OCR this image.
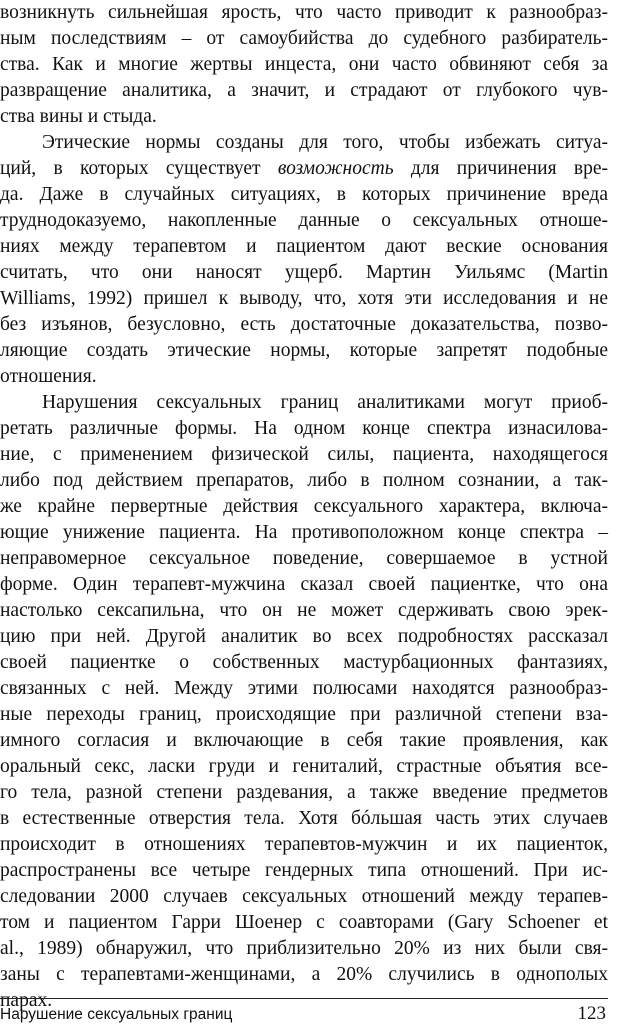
возникнуть сильнейшая ярость, что часто приводит к разнообраз-
ным последствиям – от самоубийства до судебного разбиратель-
ства. Как и многие жертвы инцеста, они часто обвиняют себя за
развращение аналитика, а значит, и страдают от глубокого чув-
ства вины и стыда.
Этические нормы созданы для того, чтобы избежать ситуа-
ций, в которых существует возможность для причинения вре-
да. Даже в случайных ситуациях, в которых причинение вреда
труднодоказуемо, накопленные данные о сексуальных отноше-
ниях между терапевтом и пациентом дают веские основания
считать, что они наносят ущерб. Мартин Уильямс (Martin
Williams, 1992) пришел к выводу, что, хотя эти исследования и не
без изъянов, безусловно, есть достаточные доказательства, позво-
ляющие создать этические нормы, которые запретят подобные
отношения.
Нарушения сексуальных границ аналитиками могут приоб-
ретать различные формы. На одном конце спектра изнасилова-
ние, с применением физической силы, пациента, находящегося
либо под действием препаратов, либо в полном сознании, а так-
же крайне первертные действия сексуального характера, включа-
ющие унижение пациента. На противоположном конце спектра –
неправомерное сексуальное поведение, совершаемое в устной
форме. Один терапевт-мужчина сказал своей пациентке, что она
настолько сексапильна, что он не может сдерживать свою эрек-
цию при ней. Другой аналитик во всех подробностях рассказал
своей пациентке о собственных мастурбационных фантазиях,
связанных с ней. Между этими полюсами находятся разнообраз-
ные переходы границ, происходящие при различной степени вза-
имного согласия и включающие в себя такие проявления, как
оральный секс, ласки груди и гениталий, страстные объятия все-
го тела, разной степени раздевания, а также введение предметов
в естественные отверстия тела. Хотя бóльшая часть этих случаев
происходит в отношениях терапевтов-мужчин и их пациенток,
распространены все четыре гендерных типа отношений. При ис-
следовании 2000 случаев сексуальных отношений между терапев-
том и пациентом Гарри Шоенер с соавторами (Gary Schoener et
al., 1989) обнаружил, что приблизительно 20% из них были свя-
заны с терапевтами-женщинами, а 20% случились в однополых
парах.
Нарушение сексуальных границ	123
